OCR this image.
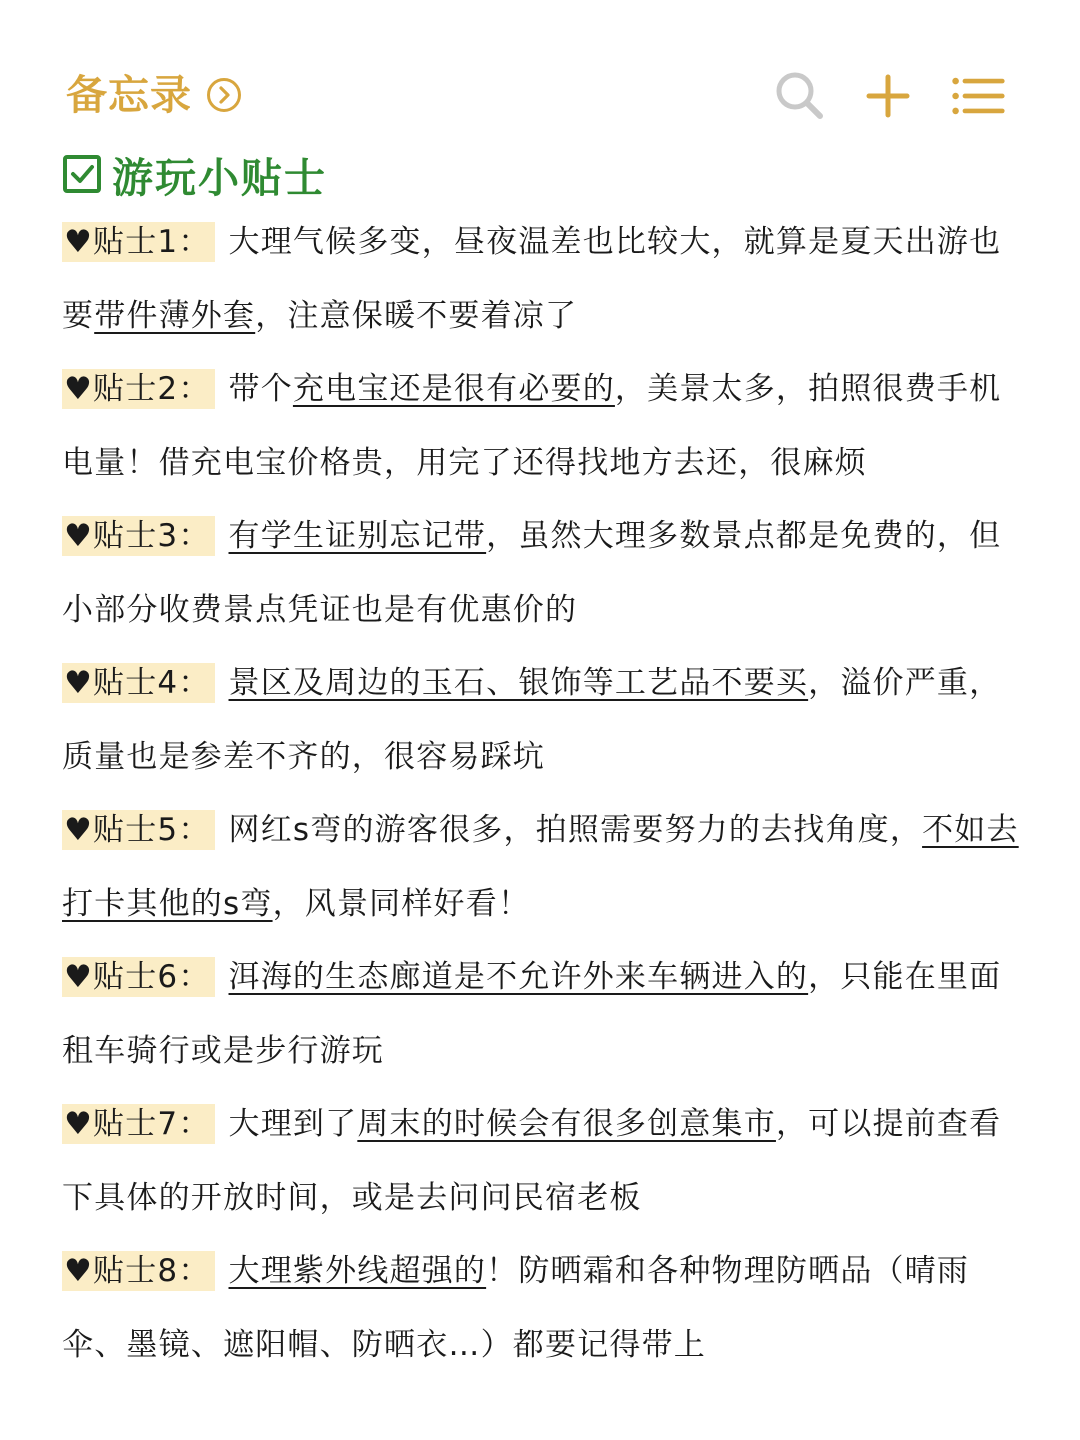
备忘录
游玩小贴士
♥贴士1： 大理气候多变，昼夜温差也比较大，就算是夏天出游也要带件薄外套，注意保暖不要着凉了
♥贴士2： 带个充电宝还是很有必要的，美景太多，拍照很费手机电量！借充电宝价格贵，用完了还得找地方去还，很麻烦
♥贴士3： 有学生证别忘记带，虽然大理多数景点都是免费的，但小部分收费景点凭证也是有优惠价的
♥贴士4： 景区及周边的玉石、银饰等工艺品不要买，溢价严重，质量也是参差不齐的，很容易踩坑
♥贴士5： 网红s弯的游客很多，拍照需要努力的去找角度，不如去打卡其他的s弯，风景同样好看！
♥贴士6： 洱海的生态廊道是不允许外来车辆进入的，只能在里面租车骑行或是步行游玩
♥贴士7： 大理到了周末的时候会有很多创意集市，可以提前查看下具体的开放时间，或是去问问民宿老板
♥贴士8： 大理紫外线超强的！防晒霜和各种物理防晒品（晴雨伞、墨镜、遮阳帽、防晒衣…）都要记得带上
